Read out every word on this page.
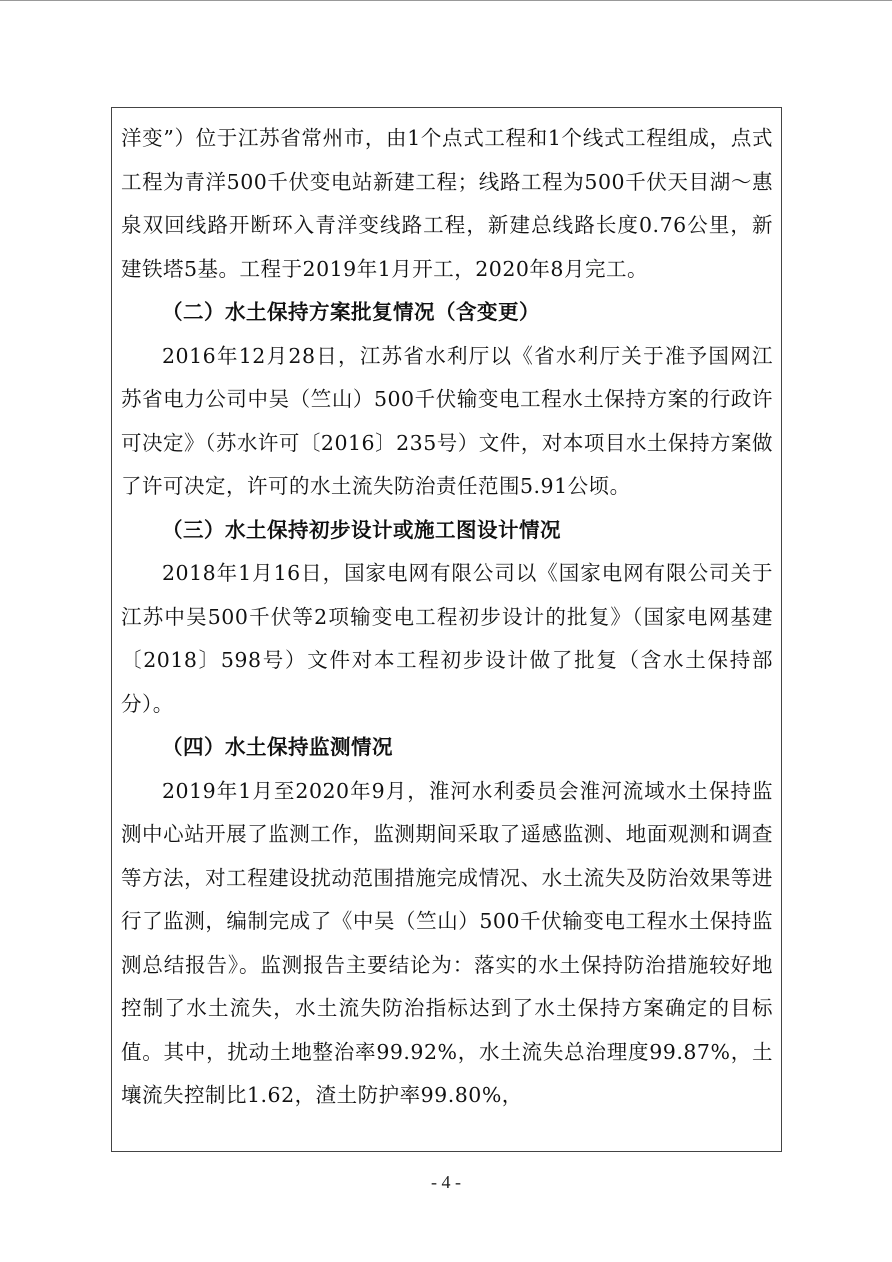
洋变”）位于江苏省常州市，由1个点式工程和1个线式工程组成，点式工程为青洋500千伏变电站新建工程；线路工程为500千伏天目湖～惠泉双回线路开断环入青洋变线路工程，新建总线路长度0.76公里，新建铁塔5基。工程于2019年1月开工，2020年8月完工。

（二）水土保持方案批复情况（含变更）

2016年12月28日，江苏省水利厅以《省水利厅关于准予国网江苏省电力公司中吴（竺山）500千伏输变电工程水土保持方案的行政许可决定》（苏水许可〔2016〕235号）文件，对本项目水土保持方案做了许可决定，许可的水土流失防治责任范围5.91公顷。

（三）水土保持初步设计或施工图设计情况

2018年1月16日，国家电网有限公司以《国家电网有限公司关于江苏中吴500千伏等2项输变电工程初步设计的批复》（国家电网基建〔2018〕598号）文件对本工程初步设计做了批复（含水土保持部分）。

（四）水土保持监测情况

2019年1月至2020年9月，淮河水利委员会淮河流域水土保持监测中心站开展了监测工作，监测期间采取了遥感监测、地面观测和调查等方法，对工程建设扰动范围措施完成情况、水土流失及防治效果等进行了监测，编制完成了《中吴（竺山）500千伏输变电工程水土保持监测总结报告》。监测报告主要结论为：落实的水土保持防治措施较好地控制了水土流失，水土流失防治指标达到了水土保持方案确定的目标值。其中，扰动土地整治率99.92%，水土流失总治理度99.87%，土壤流失控制比1.62，渣土防护率99.80%，

- 4 -
